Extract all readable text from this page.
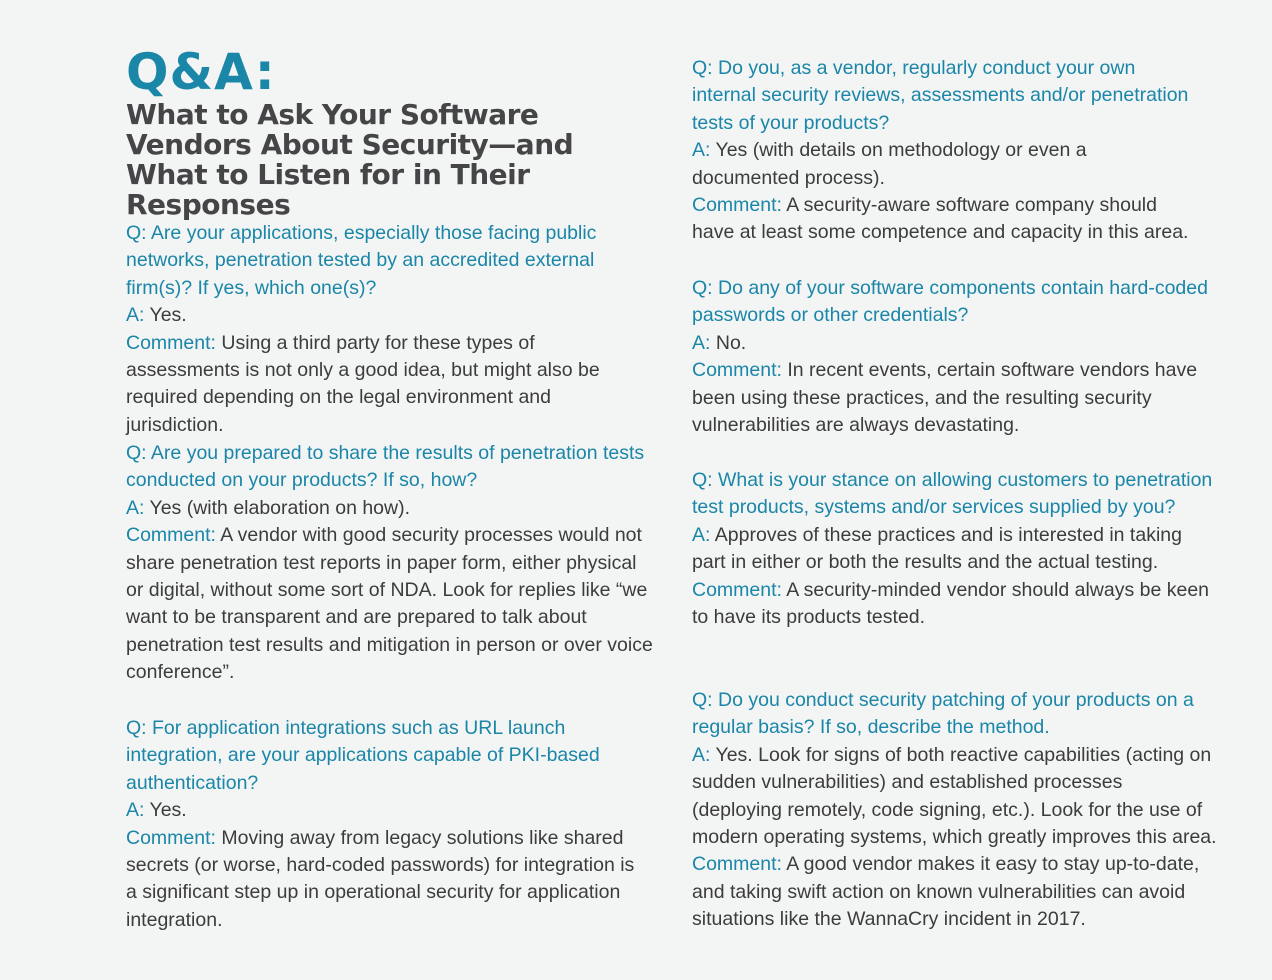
Q&A:
What to Ask Your Software Vendors About Security—and What to Listen for in Their Responses
Q: Are your applications, especially those facing public networks, penetration tested by an accredited external firm(s)? If yes, which one(s)?
A: Yes.
Comment: Using a third party for these types of assessments is not only a good idea, but might also be required depending on the legal environment and jurisdiction.
Q: Are you prepared to share the results of penetration tests conducted on your products? If so, how?
A: Yes (with elaboration on how).
Comment: A vendor with good security processes would not share penetration test reports in paper form, either physical or digital, without some sort of NDA. Look for replies like “we want to be transparent and are prepared to talk about penetration test results and mitigation in person or over voice conference”.
Q: For application integrations such as URL launch integration, are your applications capable of PKI-based authentication?
A: Yes.
Comment: Moving away from legacy solutions like shared secrets (or worse, hard-coded passwords) for integration is a significant step up in operational security for application integration.
Q: Do you, as a vendor, regularly conduct your own internal security reviews, assessments and/or penetration tests of your products?
A: Yes (with details on methodology or even a documented process).
Comment: A security-aware software company should have at least some competence and capacity in this area.
Q: Do any of your software components contain hard-coded passwords or other credentials?
A: No.
Comment: In recent events, certain software vendors have been using these practices, and the resulting security vulnerabilities are always devastating.
Q: What is your stance on allowing customers to penetration test products, systems and/or services supplied by you?
A: Approves of these practices and is interested in taking part in either or both the results and the actual testing.
Comment: A security-minded vendor should always be keen to have its products tested.
Q: Do you conduct security patching of your products on a regular basis? If so, describe the method.
A: Yes. Look for signs of both reactive capabilities (acting on sudden vulnerabilities) and established processes (deploying remotely, code signing, etc.). Look for the use of modern operating systems, which greatly improves this area.
Comment: A good vendor makes it easy to stay up-to-date, and taking swift action on known vulnerabilities can avoid situations like the WannaCry incident in 2017.
